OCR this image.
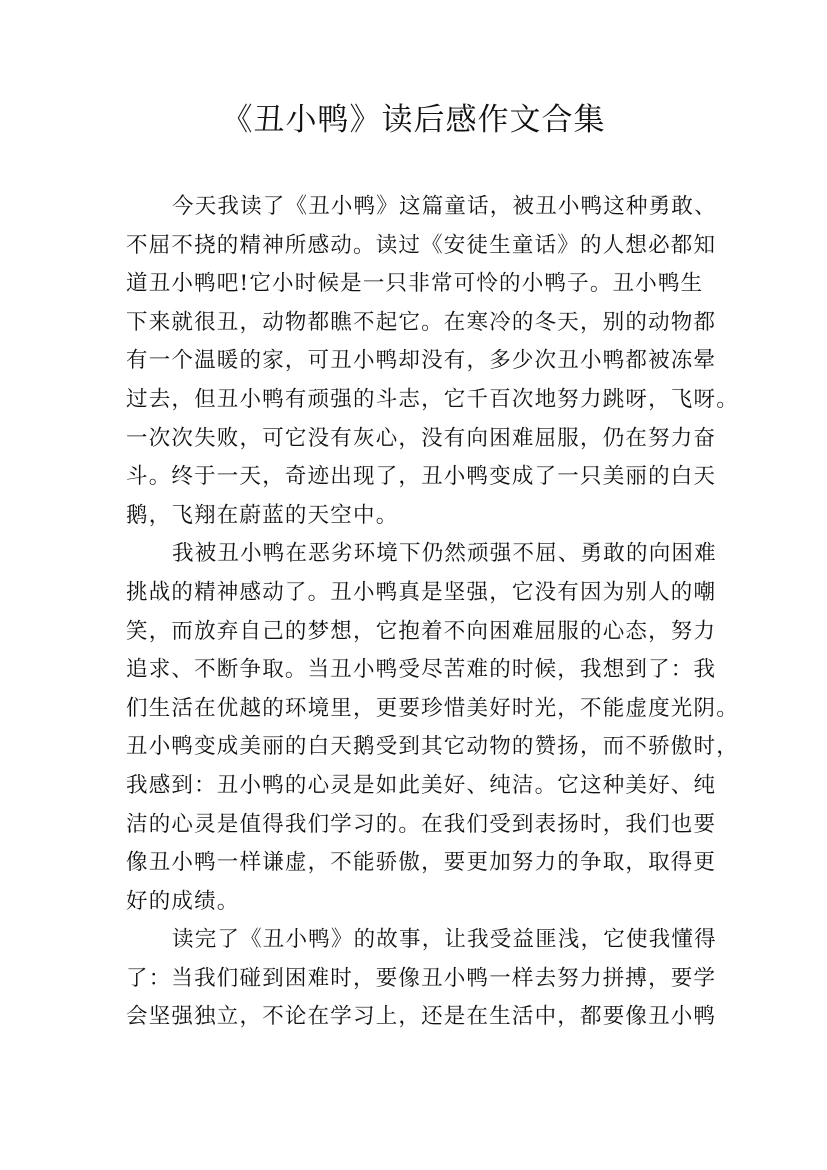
《丑小鸭》读后感作文合集
今天我读了《丑小鸭》这篇童话，被丑小鸭这种勇敢、
不屈不挠的精神所感动。读过《安徒生童话》的人想必都知
道丑小鸭吧!它小时候是一只非常可怜的小鸭子。丑小鸭生
下来就很丑，动物都瞧不起它。在寒冷的冬天，别的动物都
有一个温暖的家，可丑小鸭却没有，多少次丑小鸭都被冻晕
过去，但丑小鸭有顽强的斗志，它千百次地努力跳呀，飞呀。
一次次失败，可它没有灰心，没有向困难屈服，仍在努力奋
斗。终于一天，奇迹出现了，丑小鸭变成了一只美丽的白天
鹅，飞翔在蔚蓝的天空中。
我被丑小鸭在恶劣环境下仍然顽强不屈、勇敢的向困难
挑战的精神感动了。丑小鸭真是坚强，它没有因为别人的嘲
笑，而放弃自己的梦想，它抱着不向困难屈服的心态，努力
追求、不断争取。当丑小鸭受尽苦难的时候，我想到了：我
们生活在优越的环境里，更要珍惜美好时光，不能虚度光阴。
丑小鸭变成美丽的白天鹅受到其它动物的赞扬，而不骄傲时，
我感到：丑小鸭的心灵是如此美好、纯洁。它这种美好、纯
洁的心灵是值得我们学习的。在我们受到表扬时，我们也要
像丑小鸭一样谦虚，不能骄傲，要更加努力的争取，取得更
好的成绩。
读完了《丑小鸭》的故事，让我受益匪浅，它使我懂得
了：当我们碰到困难时，要像丑小鸭一样去努力拼搏，要学
会坚强独立，不论在学习上，还是在生活中，都要像丑小鸭
